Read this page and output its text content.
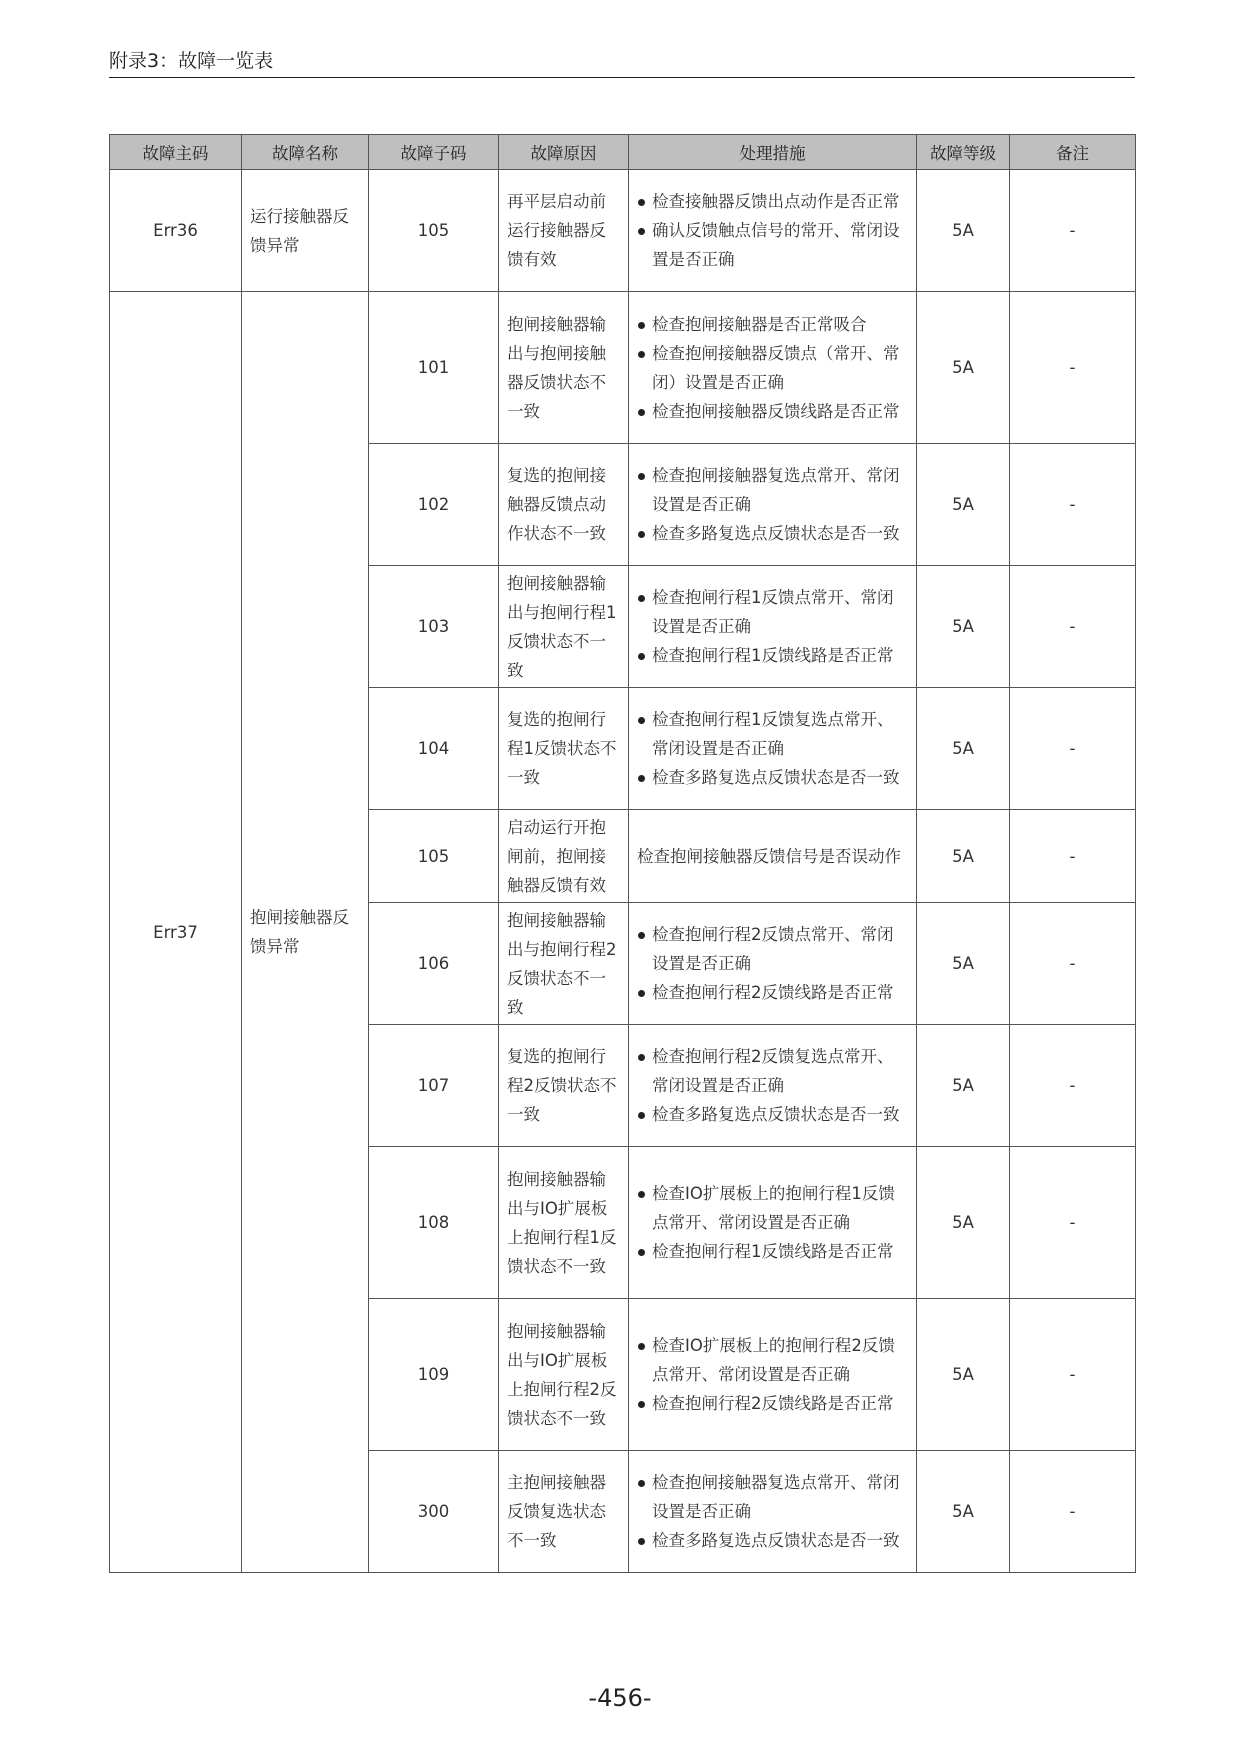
附录3：故障一览表
故障主码	故障名称	故障子码	故障原因	处理措施	故障等级	备注
Err36	运行接触器反馈异常	105	再平层启动前运行接触器反馈有效	检查接触器反馈出点动作是否正常
确认反馈触点信号的常开、常闭设置是否正确	5A	-
Err37	抱闸接触器反馈异常	101	抱闸接触器输出与抱闸接触器反馈状态不一致	检查抱闸接触器是否正常吸合
检查抱闸接触器反馈点（常开、常闭）设置是否正确
检查抱闸接触器反馈线路是否正常	5A	-
		102	复选的抱闸接触器反馈点动作状态不一致	检查抱闸接触器复选点常开、常闭设置是否正确
检查多路复选点反馈状态是否一致	5A	-
		103	抱闸接触器输出与抱闸行程1反馈状态不一致	检查抱闸行程1反馈点常开、常闭设置是否正确
检查抱闸行程1反馈线路是否正常	5A	-
		104	复选的抱闸行程1反馈状态不一致	检查抱闸行程1反馈复选点常开、常闭设置是否正确
检查多路复选点反馈状态是否一致	5A	-
		105	启动运行开抱闸前，抱闸接触器反馈有效	检查抱闸接触器反馈信号是否误动作	5A	-
		106	抱闸接触器输出与抱闸行程2反馈状态不一致	检查抱闸行程2反馈点常开、常闭设置是否正确
检查抱闸行程2反馈线路是否正常	5A	-
		107	复选的抱闸行程2反馈状态不一致	检查抱闸行程2反馈复选点常开、常闭设置是否正确
检查多路复选点反馈状态是否一致	5A	-
		108	抱闸接触器输出与IO扩展板上抱闸行程1反馈状态不一致	检查IO扩展板上的抱闸行程1反馈点常开、常闭设置是否正确
检查抱闸行程1反馈线路是否正常	5A	-
		109	抱闸接触器输出与IO扩展板上抱闸行程2反馈状态不一致	检查IO扩展板上的抱闸行程2反馈点常开、常闭设置是否正确
检查抱闸行程2反馈线路是否正常	5A	-
		300	主抱闸接触器反馈复选状态不一致	检查抱闸接触器复选点常开、常闭设置是否正确
检查多路复选点反馈状态是否一致	5A	-
-456-
